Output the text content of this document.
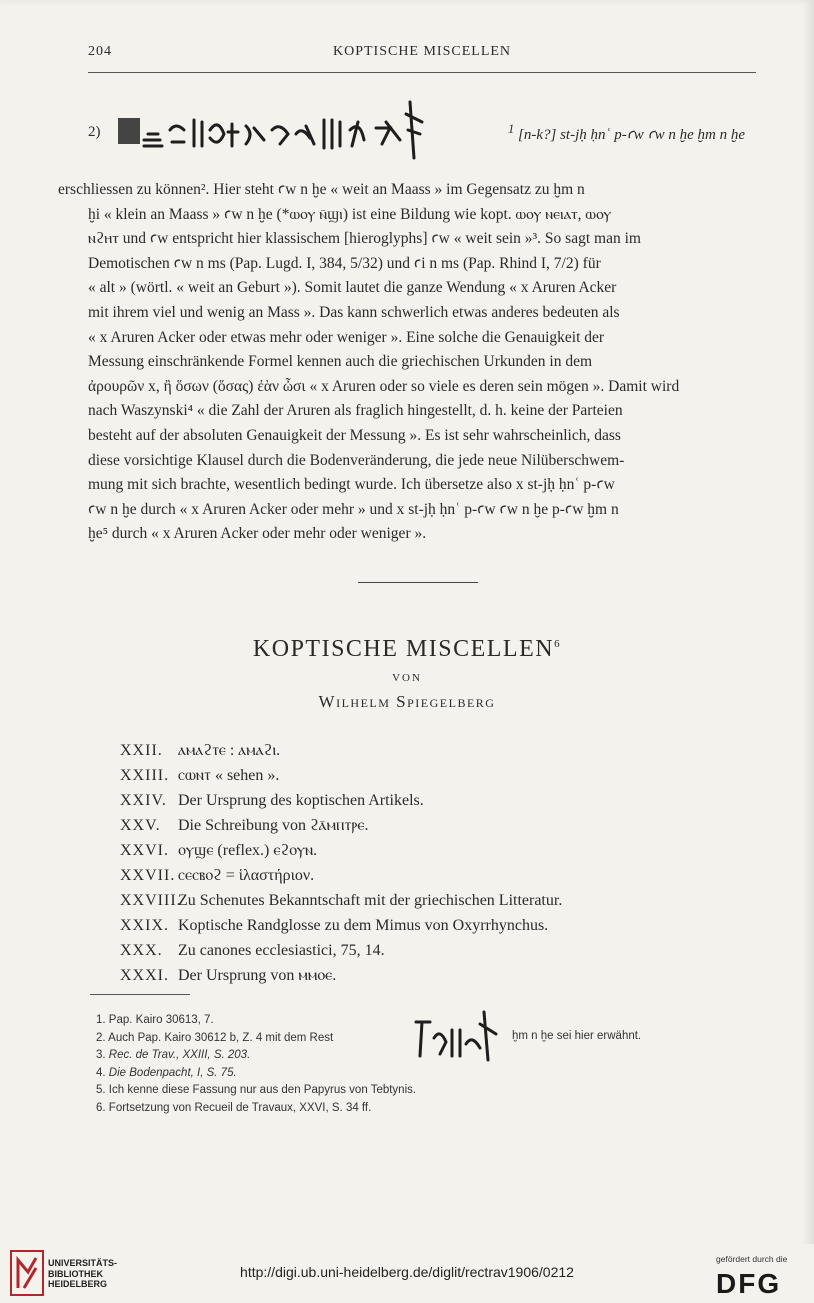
204	KOPTISCHE MISCELLEN
2)	$^1$ [n-k?] st-jḥ ḥnʿ p-ꜥw ꜥw n ḫe ḫm n ḫe

erschliessen zu können². Hier steht ꜥw n ḫe « weit an Maass » im Gegensatz zu ḫm n

ḫi « klein an Maass » ꜥw n ḫe (*ⲱⲟⲩ ⲛ̄ϣⲓ) ist eine Bildung wie kopt. ⲱⲟⲩ ⲛⲉⲓⲁⲧ, ⲱⲟⲩ

ⲛϩⲏⲧ und ꜥw entspricht hier klassischem [hieroglyphs] ꜥw « weit sein »³. So sagt man im

Demotischen ꜥw n ms (Pap. Lugd. I, 384, 5/32) und ꜥi n ms (Pap. Rhind I, 7/2) für

« alt » (wörtl. « weit an Geburt »). Somit lautet die ganze Wendung « x Aruren Acker

mit ihrem viel und wenig an Mass ». Das kann schwerlich etwas anderes bedeuten als

« x Aruren Acker oder etwas mehr oder weniger ». Eine solche die Genauigkeit der

Messung einschränkende Formel kennen auch die griechischen Urkunden in dem

ἀρουρῶν x, ἢ ὅσων (ὅσας) ἐὰν ὦσι « x Aruren oder so viele es deren sein mögen ». Damit wird

nach Waszynski⁴ « die Zahl der Aruren als fraglich hingestellt, d. h. keine der Parteien

besteht auf der absoluten Genauigkeit der Messung ». Es ist sehr wahrscheinlich, dass

diese vorsichtige Klausel durch die Bodenveränderung, die jede neue Nilüberschwem-

mung mit sich brachte, wesentlich bedingt wurde. Ich übersetze also x st-jḥ ḥnʿ p-ꜥw

ꜥw n ḫe durch « x Aruren Acker oder mehr » und x st-jḥ ḥnʿ p-ꜥw ꜥw n ḫe p-ꜥw ḫm n

ḫe⁵ durch « x Aruren Acker oder mehr oder weniger ».

KOPTISCHE MISCELLEN$^6$
VON
Wilhelm Spiegelberg
XXII. ⲁⲙⲁϩⲧⲉ : ⲁⲙⲁϩⲓ.
XXIII. ⲥⲱⲛⲧ « sehen ».
XXIV. Der Ursprung des koptischen Artikels.
XXV. Die Schreibung von ϩⲁ̄ⲙⲡⲧⲣⲉ.
XXVI. ⲟⲩϣⲉ (reflex.) ⲉϩⲟⲩⲛ.
XXVII. ⲥⲉⲥⲃⲟϩ = ἱλαστήριον.
XXVIII.Zu Schenutes Bekanntschaft mit der griechischen Litteratur.
XXIX. Koptische Randglosse zu dem Mimus von Oxyrrhynchus.
XXX. Zu canones ecclesiastici, 75, 14.
XXXI. Der Ursprung von ⲙⲙⲟⲉ.
1. Pap. Kairo 30613, 7.
2. Auch Pap. Kairo 30612 b, Z. 4 mit dem Rest
3. Rec. de Trav., XXIII, S. 203.
4. Die Bodenpacht, I, S. 75.
5. Ich kenne diese Fassung nur aus den Papyrus von Tebtynis.
6. Fortsetzung von Recueil de Travaux, XXVI, S. 34 ff.
ḫm n ḫe sei hier erwähnt.
UNIVERSITÄTS-
BIBLIOTHEK
HEIDELBERG
http://digi.ub.uni-heidelberg.de/diglit/rectrav1906/0212
gefördert durch die
DFG
